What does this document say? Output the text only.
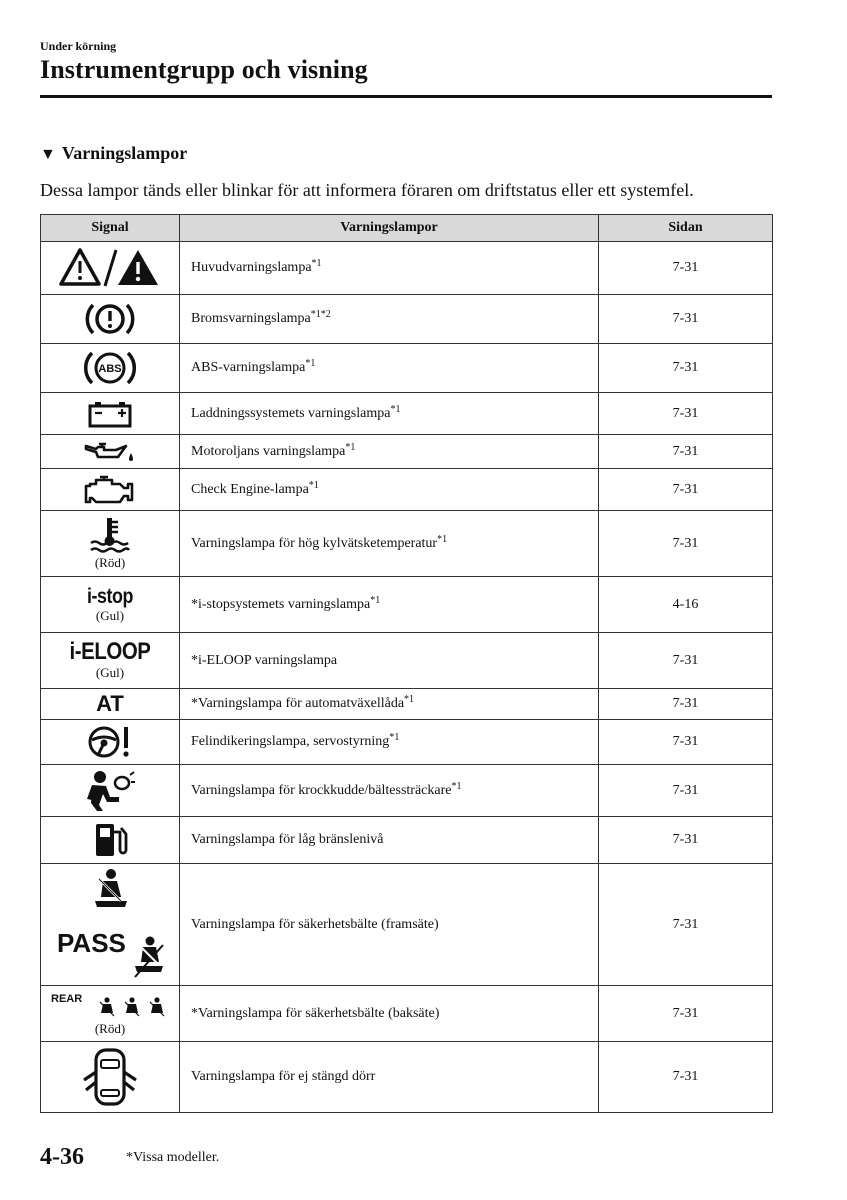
Under körning
Instrumentgrupp och visning
▼ Varningslampor
Dessa lampor tänds eller blinkar för att informera föraren om driftstatus eller ett systemfel.
Signal	Varningslampor	Sidan

	Huvudvarningslampa$^{*1}$	7-31

	Bromsvarningslampa$^{*1*2}$	7-31

ABS	ABS-varningslampa$^{*1}$	7-31

	Laddningssystemets varningslampa$^{*1}$	7-31

	Motoroljans varningslampa$^{*1}$	7-31

	Check Engine-lampa$^{*1}$	7-31

(Röd)	Varningslampa för hög kylvätsketemperatur$^{*1}$	7-31

i-stop
(Gul)	*i-stopsystemets varningslampa$^{*1}$	4-16

i-ELOOP
(Gul)	*i-ELOOP varningslampa	7-31

AT	*Varningslampa för automatväxellåda$^{*1}$	7-31

	Felindikeringslampa, servostyrning$^{*1}$	7-31

	Varningslampa för krockkudde/bältessträckare$^{*1}$	7-31

	Varningslampa för låg bränslenivå	7-31

PASS	Varningslampa för säkerhetsbälte (framsäte)	7-31

REAR
(Röd)	*Varningslampa för säkerhetsbälte (baksäte)	7-31

	Varningslampa för ej stängd dörr	7-31
4-36	*Vissa modeller.
